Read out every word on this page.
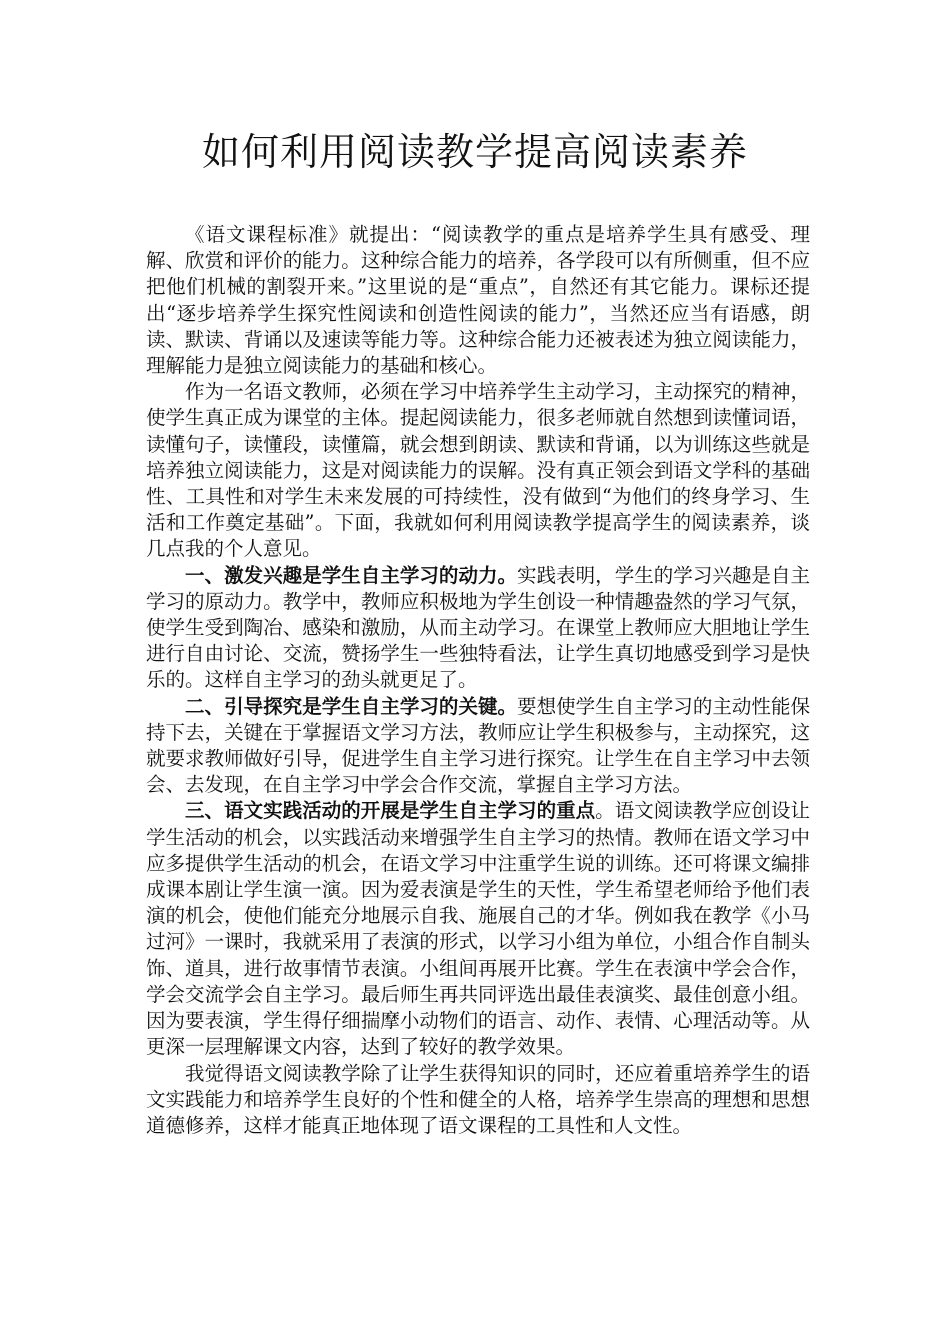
如何利用阅读教学提高阅读素养

《语文课程标准》就提出：“阅读教学的重点是培养学生具有感受、理解、欣赏和评价的能力。这种综合能力的培养，各学段可以有所侧重，但不应把他们机械的割裂开来。”这里说的是“重点”，自然还有其它能力。课标还提出“逐步培养学生探究性阅读和创造性阅读的能力”，当然还应当有语感，朗读、默读、背诵以及速读等能力等。这种综合能力还被表述为独立阅读能力，理解能力是独立阅读能力的基础和核心。

作为一名语文教师，必须在学习中培养学生主动学习，主动探究的精神，使学生真正成为课堂的主体。提起阅读能力，很多老师就自然想到读懂词语，读懂句子，读懂段，读懂篇，就会想到朗读、默读和背诵，以为训练这些就是培养独立阅读能力，这是对阅读能力的误解。没有真正领会到语文学科的基础性、工具性和对学生未来发展的可持续性，没有做到“为他们的终身学习、生活和工作奠定基础”。下面，我就如何利用阅读教学提高学生的阅读素养，谈几点我的个人意见。

一、激发兴趣是学生自主学习的动力。实践表明，学生的学习兴趣是自主学习的原动力。教学中，教师应积极地为学生创设一种情趣盎然的学习气氛，使学生受到陶冶、感染和激励，从而主动学习。在课堂上教师应大胆地让学生进行自由讨论、交流，赞扬学生一些独特看法，让学生真切地感受到学习是快乐的。这样自主学习的劲头就更足了。

二、引导探究是学生自主学习的关键。要想使学生自主学习的主动性能保持下去，关键在于掌握语文学习方法，教师应让学生积极参与，主动探究，这就要求教师做好引导，促进学生自主学习进行探究。让学生在自主学习中去领会、去发现，在自主学习中学会合作交流，掌握自主学习方法。

三、语文实践活动的开展是学生自主学习的重点。语文阅读教学应创设让学生活动的机会，以实践活动来增强学生自主学习的热情。教师在语文学习中应多提供学生活动的机会，在语文学习中注重学生说的训练。还可将课文编排成课本剧让学生演一演。因为爱表演是学生的天性，学生希望老师给予他们表演的机会，使他们能充分地展示自我、施展自己的才华。例如我在教学《小马过河》一课时，我就采用了表演的形式，以学习小组为单位，小组合作自制头饰、道具，进行故事情节表演。小组间再展开比赛。学生在表演中学会合作，学会交流学会自主学习。最后师生再共同评选出最佳表演奖、最佳创意小组。因为要表演，学生得仔细揣摩小动物们的语言、动作、表情、心理活动等。从更深一层理解课文内容，达到了较好的教学效果。

我觉得语文阅读教学除了让学生获得知识的同时，还应着重培养学生的语文实践能力和培养学生良好的个性和健全的人格，培养学生崇高的理想和思想道德修养，这样才能真正地体现了语文课程的工具性和人文性。
